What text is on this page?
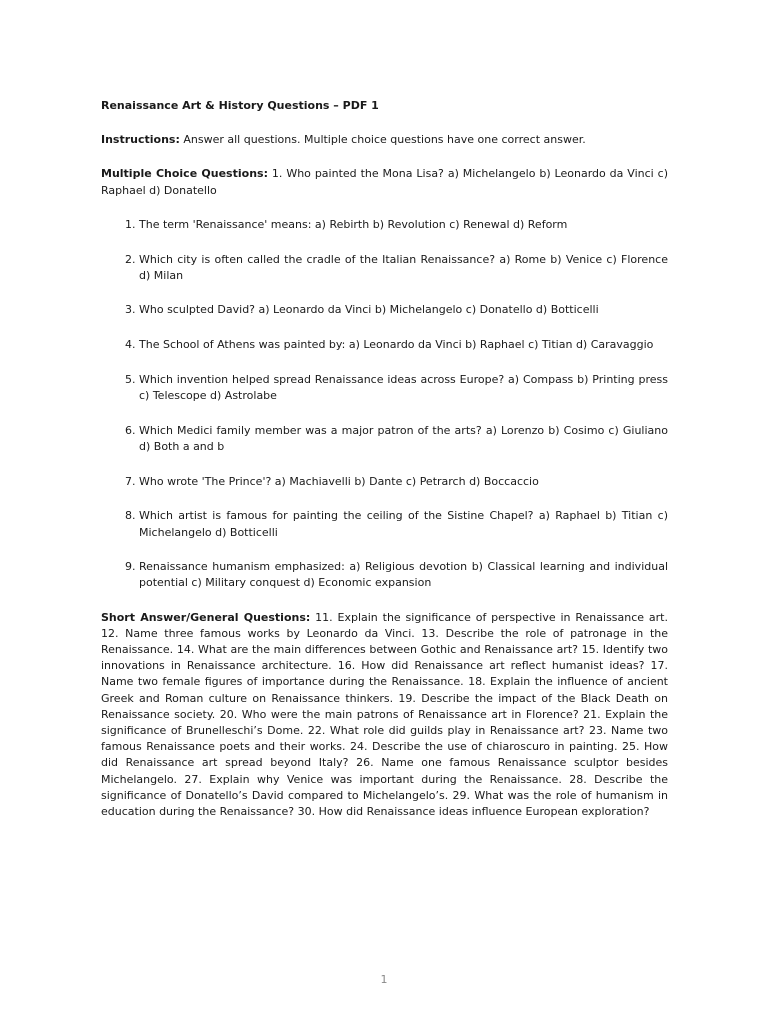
Renaissance Art & History Questions – PDF 1

Instructions: Answer all questions. Multiple choice questions have one correct answer.

Multiple Choice Questions: 1. Who painted the Mona Lisa? a) Michelangelo b) Leonardo da Vinci c) Raphael d) Donatello

1. The term 'Renaissance' means: a) Rebirth b) Revolution c) Renewal d) Reform
2. Which city is often called the cradle of the Italian Renaissance? a) Rome b) Venice c) Florence d) Milan
3. Who sculpted David? a) Leonardo da Vinci b) Michelangelo c) Donatello d) Botticelli
4. The School of Athens was painted by: a) Leonardo da Vinci b) Raphael c) Titian d) Caravaggio
5. Which invention helped spread Renaissance ideas across Europe? a) Compass b) Printing press c) Telescope d) Astrolabe
6. Which Medici family member was a major patron of the arts? a) Lorenzo b) Cosimo c) Giuliano d) Both a and b
7. Who wrote 'The Prince'? a) Machiavelli b) Dante c) Petrarch d) Boccaccio
8. Which artist is famous for painting the ceiling of the Sistine Chapel? a) Raphael b) Titian c) Michelangelo d) Botticelli
9. Renaissance humanism emphasized: a) Religious devotion b) Classical learning and individual potential c) Military conquest d) Economic expansion

Short Answer/General Questions: 11. Explain the significance of perspective in Renaissance art. 12. Name three famous works by Leonardo da Vinci. 13. Describe the role of patronage in the Renaissance. 14. What are the main differences between Gothic and Renaissance art? 15. Identify two innovations in Renaissance architecture. 16. How did Renaissance art reflect humanist ideas? 17. Name two female figures of importance during the Renaissance. 18. Explain the influence of ancient Greek and Roman culture on Renaissance thinkers. 19. Describe the impact of the Black Death on Renaissance society. 20. Who were the main patrons of Renaissance art in Florence? 21. Explain the significance of Brunelleschi’s Dome. 22. What role did guilds play in Renaissance art? 23. Name two famous Renaissance poets and their works. 24. Describe the use of chiaroscuro in painting. 25. How did Renaissance art spread beyond Italy? 26. Name one famous Renaissance sculptor besides Michelangelo. 27. Explain why Venice was important during the Renaissance. 28. Describe the significance of Donatello’s David compared to Michelangelo’s. 29. What was the role of humanism in education during the Renaissance? 30. How did Renaissance ideas influence European exploration?

1
